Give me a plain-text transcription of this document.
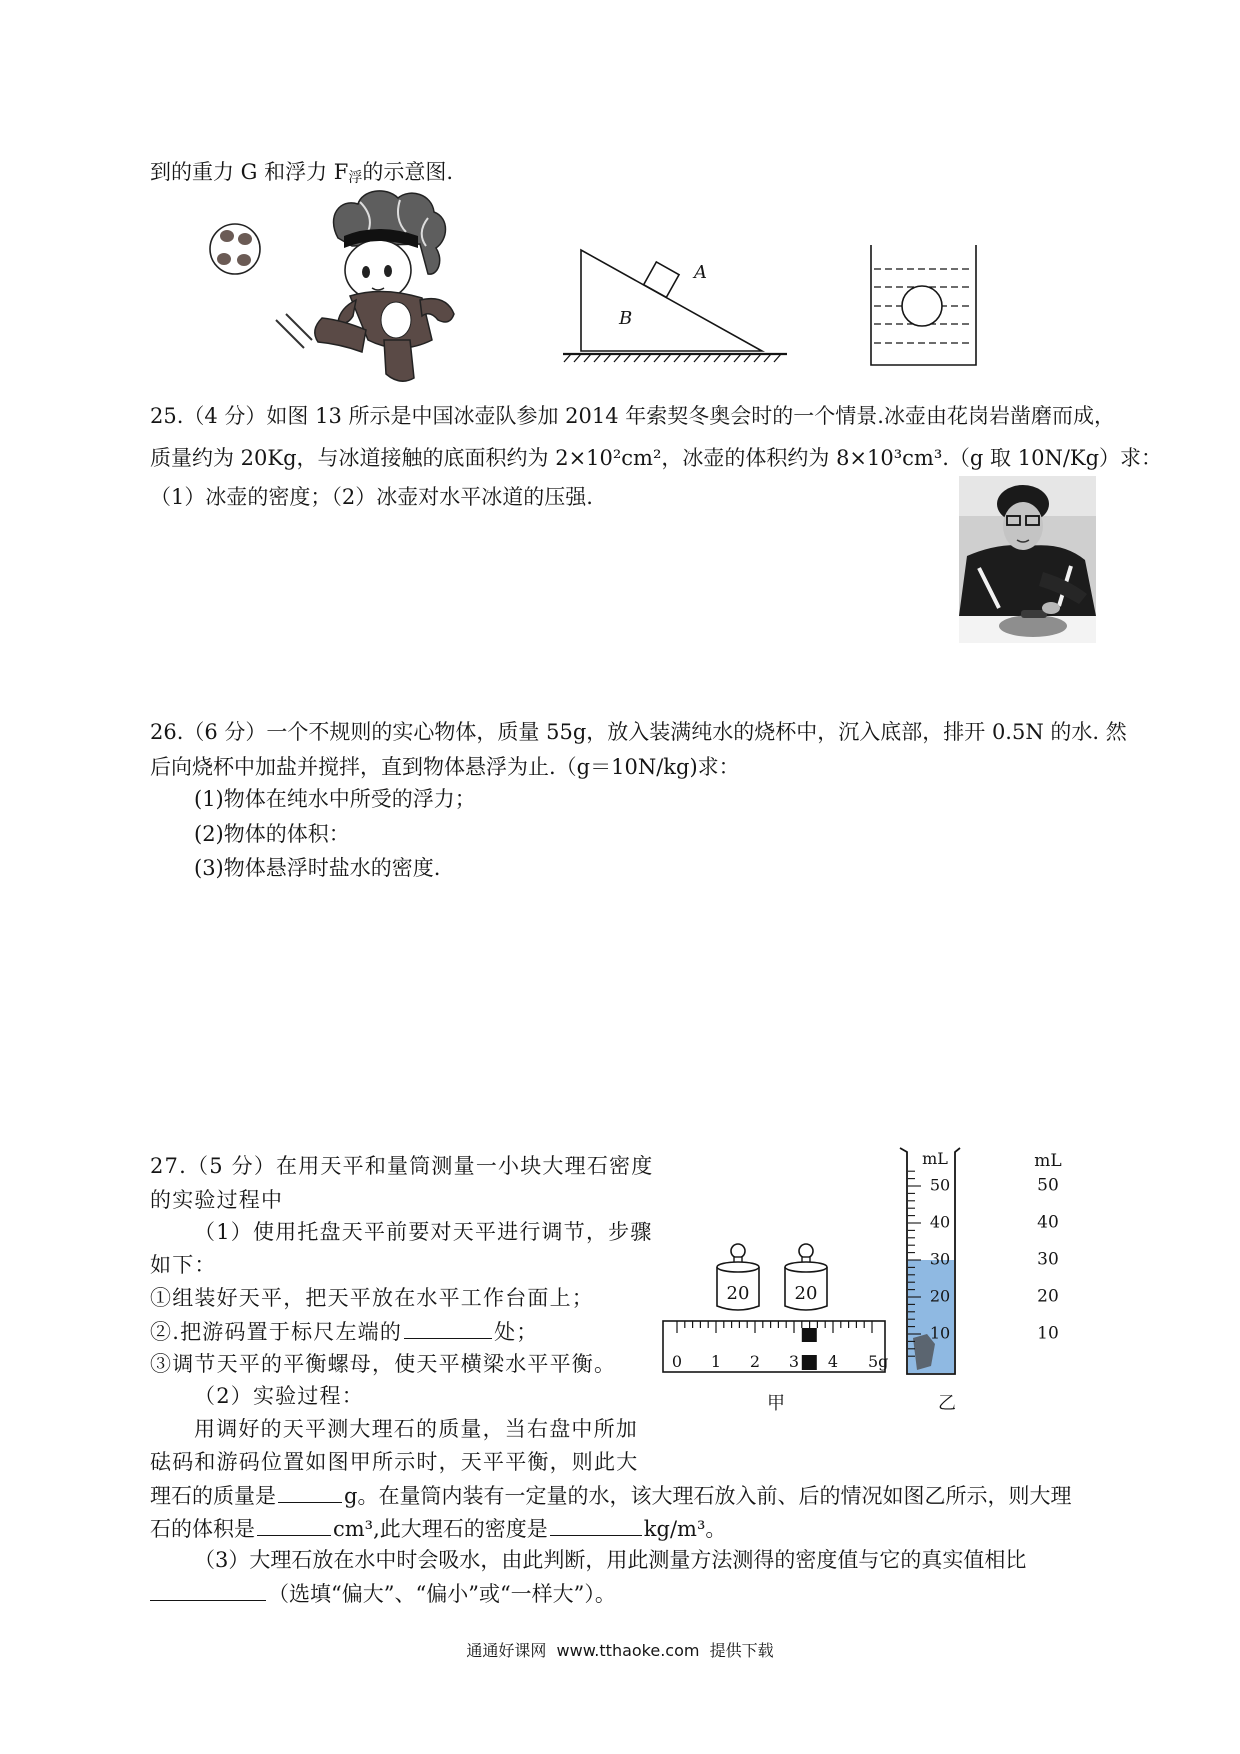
到的重力 G 和浮力 F浮的示意图.
A
B
25.（4 分）如图 13 所示是中国冰壶队参加 2014 年索契冬奥会时的一个情景.冰壶由花岗岩凿磨而成，
质量约为 20Kg，与冰道接触的底面积约为 2×10²cm²，冰壶的体积约为 8×10³cm³.（g 取 10N/Kg）求：
（1）冰壶的密度；（2）冰壶对水平冰道的压强.
26.（6 分）一个不规则的实心物体，质量 55g，放入装满纯水的烧杯中，沉入底部，排开 0.5N 的水. 然
后向烧杯中加盐并搅拌，直到物体悬浮为止.（g＝10N/kg)求：
(1)物体在纯水中所受的浮力；
(2)物体的体积：
(3)物体悬浮时盐水的密度.
27.（5 分）在用天平和量筒测量一小块大理石密度
的实验过程中
（1）使用托盘天平前要对天平进行调节，步骤
如下：
①组装好天平，把天平放在水平工作台面上；
②.把游码置于标尺左端的	处；
③调节天平的平衡螺母，使天平横梁水平平衡。
（2）实验过程：
用调好的天平测大理石的质量，当右盘中所加
砝码和游码位置如图甲所示时，天平平衡，则此大
理石的质量是	g。在量筒内装有一定量的水，该大理石放入前、后的情况如图乙所示，则大理
石的体积是	cm³,此大理石的密度是	kg/m³。
（3）大理石放在水中时会吸水，由此判断，用此测量方法测得的密度值与它的真实值相比
（选填“偏大”、“偏小”或“一样大”）。
20	20
0 1 2 3 4 5g
mL
50
40
30
20
10
mL
50
40
30
20
10
甲	乙
通通好课网  www.tthaoke.com  提供下载
